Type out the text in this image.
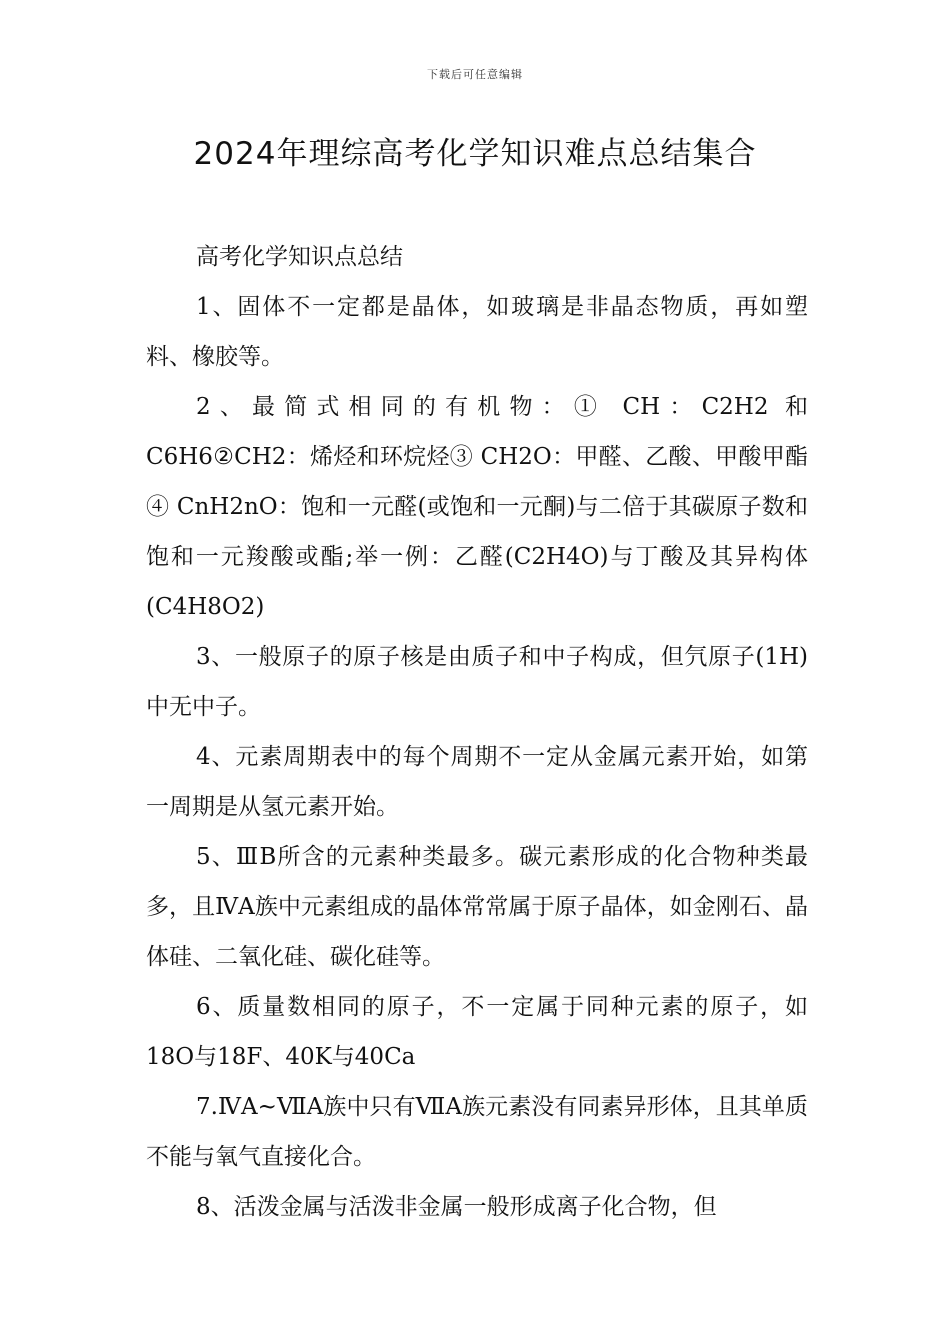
下载后可任意编辑
2024年理综高考化学知识难点总结集合

高考化学知识点总结

1、固体不一定都是晶体，如玻璃是非晶态物质，再如塑料、橡胶等。

2、最简式相同的有机物：① CH：C2H2 和 C6H6②CH2：烯烃和环烷烃③ CH2O：甲醛、乙酸、甲酸甲酯④ CnH2nO：饱和一元醛(或饱和一元酮)与二倍于其碳原子数和饱和一元羧酸或酯;举一例：乙醛(C2H4O)与丁酸及其异构体(C4H8O2)

3、一般原子的原子核是由质子和中子构成，但氕原子(1H)中无中子。

4、元素周期表中的每个周期不一定从金属元素开始，如第一周期是从氢元素开始。

5、ⅢB所含的元素种类最多。碳元素形成的化合物种类最多，且ⅣA族中元素组成的晶体常常属于原子晶体，如金刚石、晶体硅、二氧化硅、碳化硅等。

6、质量数相同的原子，不一定属于同种元素的原子，如18O与18F、40K与40Ca

7.ⅣA~ⅦA族中只有ⅦA族元素没有同素异形体，且其单质不能与氧气直接化合。

8、活泼金属与活泼非金属一般形成离子化合物，但
